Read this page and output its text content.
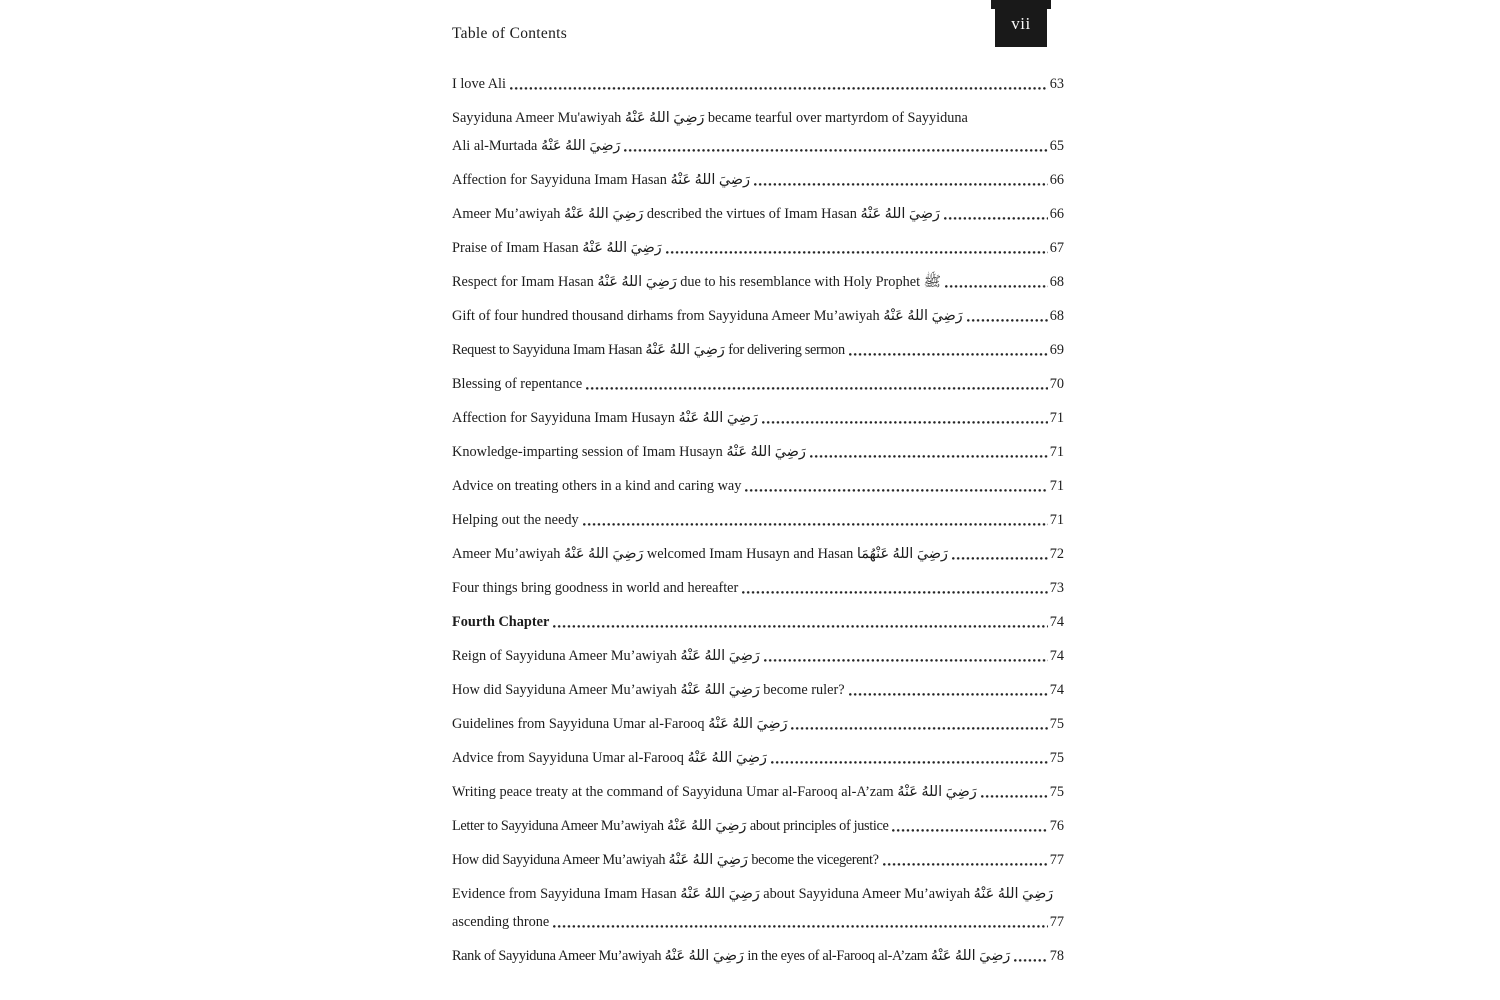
Table of Contents
vii
I love Ali	63
Sayyiduna Ameer Mu'awiyah رَضِيَ اللهُ عَنْهُ became tearful over martyrdom of Sayyiduna
Ali al-Murtada رَضِيَ اللهُ عَنْهُ	65
Affection for Sayyiduna Imam Hasan رَضِيَ اللهُ عَنْهُ	66
Ameer Mu’awiyah رَضِيَ اللهُ عَنْهُ described the virtues of Imam Hasan رَضِيَ اللهُ عَنْهُ	66
Praise of Imam Hasan رَضِيَ اللهُ عَنْهُ	67
Respect for Imam Hasan رَضِيَ اللهُ عَنْهُ due to his resemblance with Holy Prophet ﷺ	68
Gift of four hundred thousand dirhams from Sayyiduna Ameer Mu’awiyah رَضِيَ اللهُ عَنْهُ	68
Request to Sayyiduna Imam Hasan رَضِيَ اللهُ عَنْهُ for delivering sermon	69
Blessing of repentance	70
Affection for Sayyiduna Imam Husayn رَضِيَ اللهُ عَنْهُ	71
Knowledge-imparting session of Imam Husayn رَضِيَ اللهُ عَنْهُ	71
Advice on treating others in a kind and caring way	71
Helping out the needy	71
Ameer Mu’awiyah رَضِيَ اللهُ عَنْهُ welcomed Imam Husayn and Hasan رَضِيَ اللهُ عَنْهُمَا	72
Four things bring goodness in world and hereafter	73
Fourth Chapter	74
Reign of Sayyiduna Ameer Mu’awiyah رَضِيَ اللهُ عَنْهُ	74
How did Sayyiduna Ameer Mu’awiyah رَضِيَ اللهُ عَنْهُ become ruler?	74
Guidelines from Sayyiduna Umar al-Farooq رَضِيَ اللهُ عَنْهُ	75
Advice from Sayyiduna Umar al-Farooq رَضِيَ اللهُ عَنْهُ	75
Writing peace treaty at the command of Sayyiduna Umar al-Farooq al-A’zam رَضِيَ اللهُ عَنْهُ	75
Letter to Sayyiduna Ameer Mu’awiyah رَضِيَ اللهُ عَنْهُ about principles of justice	76
How did Sayyiduna Ameer Mu’awiyah رَضِيَ اللهُ عَنْهُ become the vicegerent?	77
Evidence from Sayyiduna Imam Hasan رَضِيَ اللهُ عَنْهُ about Sayyiduna Ameer Mu’awiyah رَضِيَ اللهُ عَنْهُ
ascending throne	77
Rank of Sayyiduna Ameer Mu’awiyah رَضِيَ اللهُ عَنْهُ in the eyes of al-Farooq al-A’zam رَضِيَ اللهُ عَنْهُ	78
